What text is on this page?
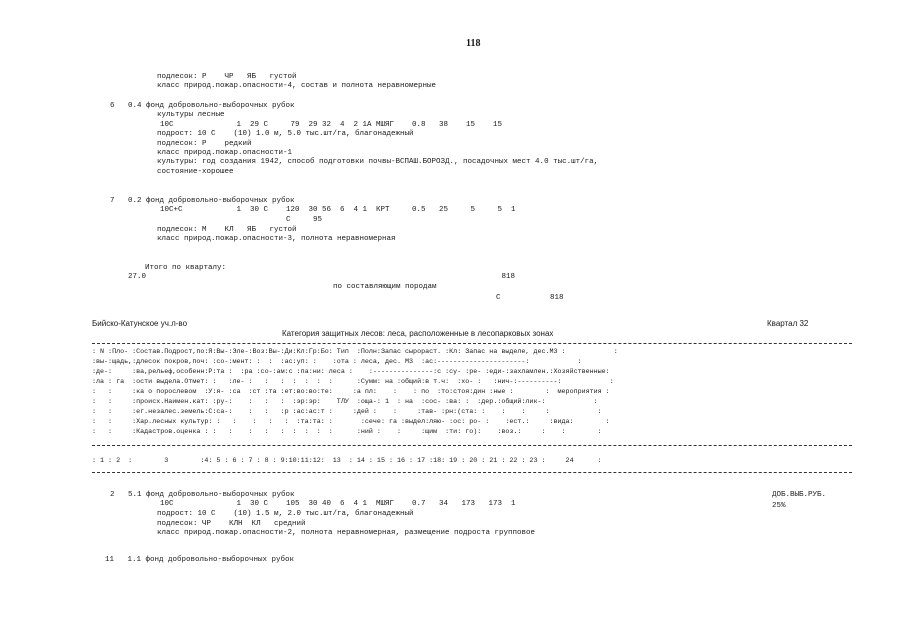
118
подлесок: Р    ЧР   ЯБ   густой
класс природ.пожар.опасности-4, состав и полнота неравномерные
6   0.4 фонд добровольно-выборочных рубок
культуры лесные
10С              1  29 С     79  29 32  4  2 1А МШЯГ    0.8   38    15    15
подрост: 10 С    (10) 1.0 м, 5.0 тыс.шт/га, благонадежный
подлесок: Р    редкий
класс природ.пожар.опасности-1
культуры: год создания 1942, способ подготовки почвы-ВСПАШ.БОРОЗД., посадочных мест 4.0 тыс.шт/га,
состояние-хорошее
7   0.2 фонд добровольно-выборочных рубок
10С+С            1  30 С    120  30 56  6  4 1  КРТ     0.5   25     5     5  1
С     95
подлесок: М    КЛ   ЯБ   густой
класс природ.пожар.опасности-3, полнота неравномерная
Итого по кварталу:
27.0                                                                               818
по составляющим породам
С           818
Бийско-Катунское уч.л-во	Квартал 32
Категория защитных лесов: леса, расположенные в лесопарковых зонах
: N :Пло- :Состав.Подрост,по:Я:Вы-:Эле-:Воз:Вы-:Ди:Кл:Гр:Бо: Тип  :Полн:Запас сырораст. :Кл: Запас на выделе, дес.М3 :            :
:вы-:щадь,:длесок покров,поч: :со-:мент: :  :  :ас:уп: :    :ота : леса, дес. М3  :ас:----------------------:            :
:де-:     :ва,рельеф,особенн:Р:та :  :ра :со-:ам:с :па:ни: леса :    :---------------:с :су- :ре- :еди-:захламлен.:Хозяйственные:
:ла : га  :ости выдела.Отмет: :   :ле- :   :   :  :  :  :  :      :Сумм: на :общий:в т.ч:  :хо- :   :нич-:----------:            :
:   :     :ка о порослевом  :У:я- :са  :ст :та :ет:во:во:те:     :а пл:    :    : по  :то:стоя:дин :ные :        :  мероприятия :
:   :     :происх.Наимен.кат: :ру-:    :   :   :  :эр:эр:    ТЛУ  :оща-: 1  : на  :сос- :ва: :  :дер.:общий:лик-:            :
:   :     :ег.незалес.земель:С:са-:    :   :   :р :ас:ас:т :     :дей :    :     :тав- :рн:(ста: :    :    :     :            :
:   :     :Хар.лесных культур: :   :    :   :   :  :та:та: :       :сече: га :выдел:ляю- :ос: ро- :    :ест.:     :вида:        :
:   :     :Кадастров.оценка : :   :    :   :   :  :  :  :  :      :ний :    :     :щим  :ти: го):    :воз.:     :    :        :
: 1 : 2  :        3        :4: 5 : 6 : 7 : 8 : 9:10:11:12:  13  : 14 : 15 : 16 : 17 :18: 19 : 20 : 21 : 22 : 23 :     24      :
2   5.1 фонд добровольно-выборочных рубок
10С              1  30 С    105  30 40  6  4 1  МШЯГ    0.7   34   173   173  1
подрост: 10 С    (10) 1.5 м, 2.0 тыс.шт/га, благонадежный
подлесок: ЧР    КЛН  КЛ   средний
класс природ.пожар.опасности-2, полнота неравномерная, размещение подроста групповое
11   1.1 фонд добровольно-выборочных рубок
ДОБ.ВЫБ.РУБ.
25%
